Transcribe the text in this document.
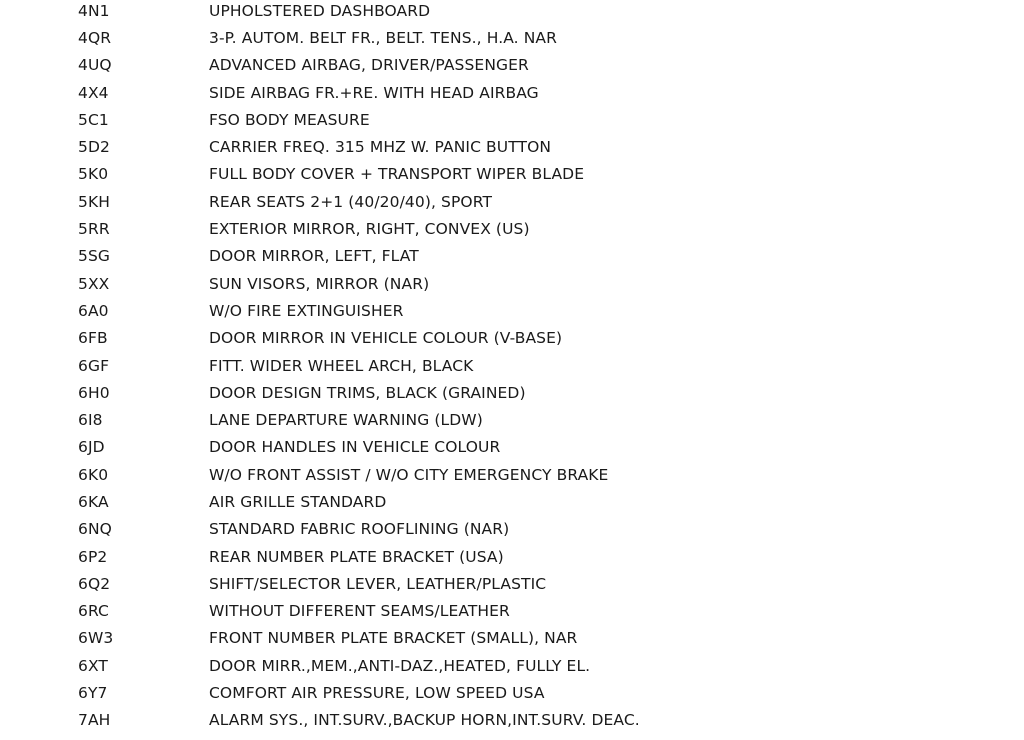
4N1	UPHOLSTERED DASHBOARD
4QR	3-P. AUTOM. BELT FR., BELT. TENS., H.A. NAR
4UQ	ADVANCED AIRBAG, DRIVER/PASSENGER
4X4	SIDE AIRBAG FR.+RE. WITH HEAD AIRBAG
5C1	FSO BODY MEASURE
5D2	CARRIER FREQ. 315 MHZ W. PANIC BUTTON
5K0	FULL BODY COVER + TRANSPORT WIPER BLADE
5KH	REAR SEATS 2+1 (40/20/40), SPORT
5RR	EXTERIOR MIRROR, RIGHT, CONVEX (US)
5SG	DOOR MIRROR, LEFT, FLAT
5XX	SUN VISORS, MIRROR (NAR)
6A0	W/O FIRE EXTINGUISHER
6FB	DOOR MIRROR IN VEHICLE COLOUR (V-BASE)
6GF	FITT. WIDER WHEEL ARCH, BLACK
6H0	DOOR DESIGN TRIMS, BLACK (GRAINED)
6I8	LANE DEPARTURE WARNING (LDW)
6JD	DOOR HANDLES IN VEHICLE COLOUR
6K0	W/O FRONT ASSIST / W/O CITY EMERGENCY BRAKE
6KA	AIR GRILLE STANDARD
6NQ	STANDARD FABRIC ROOFLINING (NAR)
6P2	REAR NUMBER PLATE BRACKET (USA)
6Q2	SHIFT/SELECTOR LEVER, LEATHER/PLASTIC
6RC	WITHOUT DIFFERENT SEAMS/LEATHER
6W3	FRONT NUMBER PLATE BRACKET (SMALL), NAR
6XT	DOOR MIRR.,MEM.,ANTI-DAZ.,HEATED, FULLY EL.
6Y7	COMFORT AIR PRESSURE, LOW SPEED USA
7AH	ALARM SYS., INT.SURV.,BACKUP HORN,INT.SURV. DEAC.
